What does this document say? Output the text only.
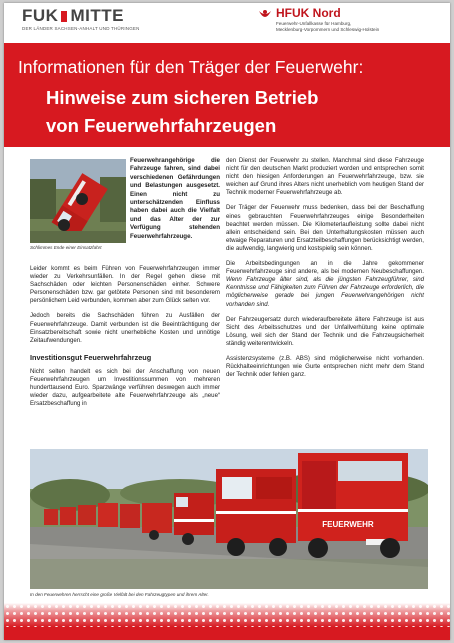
FUK MITTE
DER LÄNDER SACHSEN-ANHALT UND THÜRINGEN
HFUK Nord
Feuerwehr-Unfallkasse für Hamburg,
Mecklenburg-Vorpommern und Schleswig-Holstein
Informationen für den Träger der Feuerwehr:
Hinweise zum sicheren Betrieb
von Feuerwehrfahrzeugen
Schlimmes Ende einer Einsatzfahrt
Feuerwehrangehörige die Fahrzeuge fahren, sind dabei verschiedenen Gefährdungen und Belastungen ausgesetzt. Einen nicht zu unterschätzenden Einfluss haben dabei auch die Vielfalt und das Alter der zur Verfügung stehenden Feuerwehrfahrzeuge.

Leider kommt es beim Führen von Feuerwehrfahrzeugen immer wieder zu Verkehrsunfällen. In der Regel gehen diese mit Sachschäden oder leichten Personenschäden einher. Schwere Personenschäden bzw. gar getötete Personen sind mit besonderem persönlichem Leid verbunden, kommen aber zum Glück selten vor.

Jedoch bereits die Sachschäden führen zu Ausfällen der Feuerwehrfahrzeuge. Damit verbunden ist die Beeinträchtigung der Einsatzbereitschaft sowie nicht unerhebliche Kosten und unnötige Zeitaufwendungen.

Investitionsgut Feuerwehrfahrzeug

Nicht selten handelt es sich bei der Anschaffung von neuen Feuerwehrfahrzeugen um Investitionssummen von mehreren hunderttausend Euro. Sparzwänge verführen deswegen auch immer wieder dazu, aufgearbeitete alte Feuerwehrfahrzeuge als „neue“ Ersatzbeschaffung in

den Dienst der Feuerwehr zu stellen. Manchmal sind diese Fahrzeuge nicht für den deutschen Markt produziert worden und entsprechen somit nicht den hiesigen Anforderungen an Feuerwehrfahrzeuge, bzw. sie weichen auf Grund ihres Alters nicht unerheblich vom heutigen Stand der Technik moderner Feuerwehrfahrzeuge ab.

Der Träger der Feuerwehr muss bedenken, dass bei der Beschaffung eines gebrauchten Feuerwehrfahrzeuges einige Besonderheiten beachtet werden müssen. Die Kilometerlaufleistung sollte dabei nicht allein entscheidend sein. Bei den Unterhaltungskosten müssen auch etwaige Reparaturen und Ersatzteilbeschaffungen berücksichtigt werden, die aufwendig, langwierig und kostspielig sein können.

Die Arbeitsbedingungen an in die Jahre gekommener Feuerwehrfahrzeuge sind andere, als bei modernen Neubeschaffungen. Wenn Fahrzeuge älter sind, als die jüngsten Fahrzeugführer, sind Kenntnisse und Fähigkeiten zum Führen der Fahrzeuge erforderlich, die möglicherweise gerade bei jungen Feuerwehrangehörigen nicht vorhanden sind.

Der Fahrzeugersatz durch wiederaufbereitete ältere Fahrzeuge ist aus Sicht des Arbeitsschutzes und der Unfallverhütung keine optimale Lösung, weil sich der Stand der Technik und die Fahrzeugsicherheit ständig weiterentwickeln.

Assistenzsysteme (z.B. ABS) sind möglicherweise nicht vorhanden. Rückhalteeinrichtungen wie Gurte entsprechen nicht mehr dem Stand der Technik oder fehlen ganz.

FEUERWEHR
In den Feuerwehren herrscht eine große Vielfalt bei den Fahrzeugtypen und ihrem Alter.
